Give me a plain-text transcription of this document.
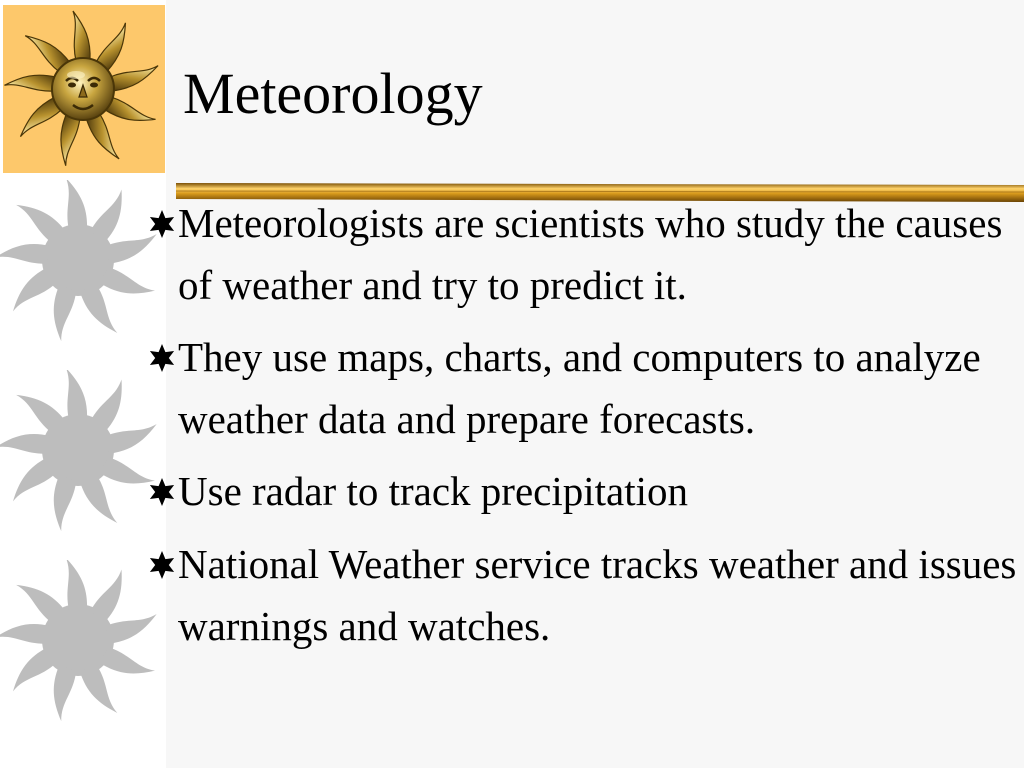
Meteorology
Meteorologists are scientists who study the causes of weather and try to predict it.
They use maps, charts, and computers to analyze weather data and prepare forecasts.
Use radar to track precipitation
National Weather service tracks weather and issues warnings and watches.
